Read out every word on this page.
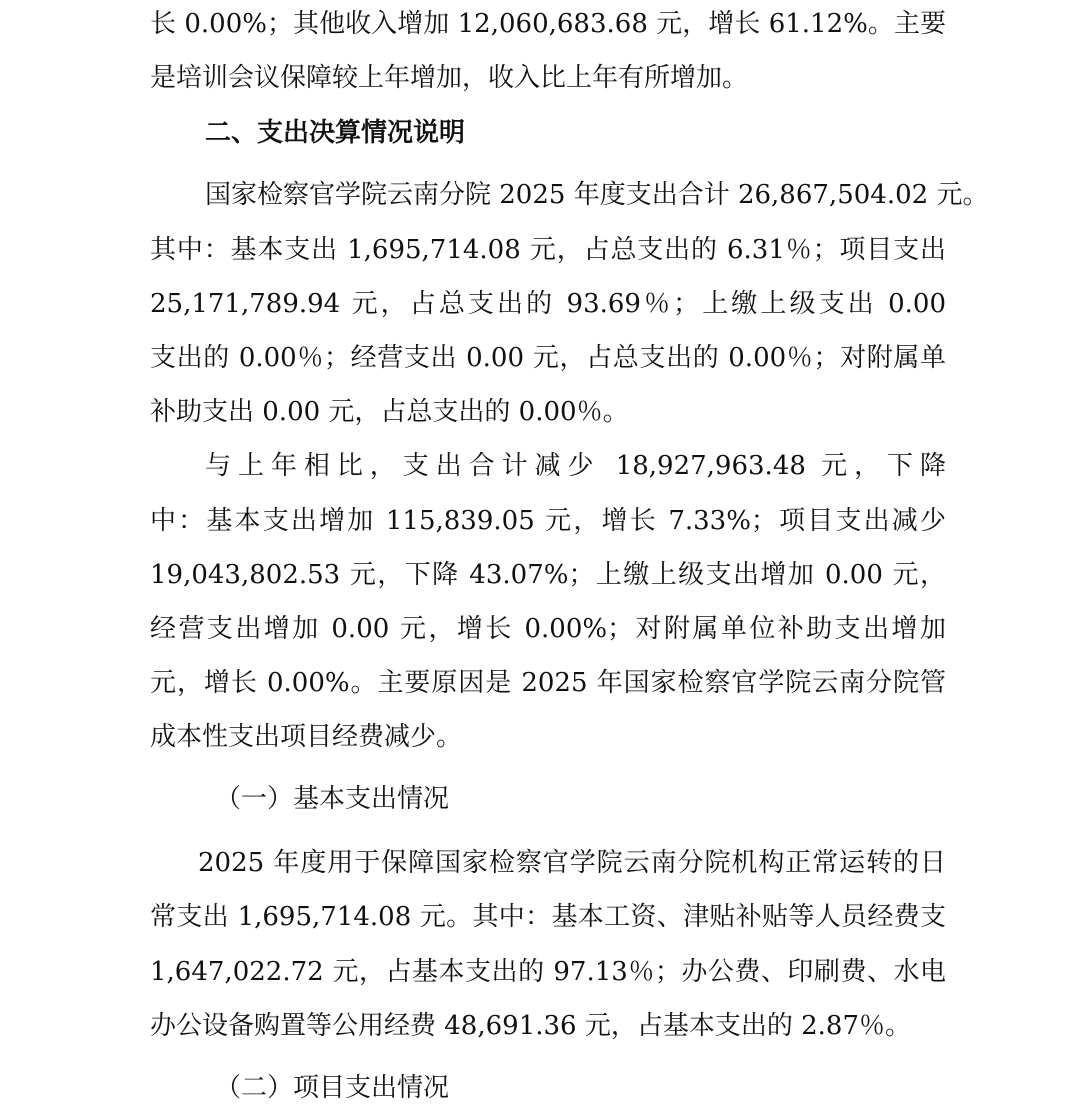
长 0.00%；其他收入增加 12,060,683.68 元，增长 61.12%。主要

是培训会议保障较上年增加，收入比上年有所增加。

二、支出决算情况说明

国家检察官学院云南分院 2025 年度支出合计 26,867,504.02 元。

其中：基本支出 1,695,714.08 元，占总支出的 6.31％；项目支出

25,171,789.94 元，占总支出的 93.69％；上缴上级支出 0.00

支出的 0.00％；经营支出 0.00 元，占总支出的 0.00％；对附属单

补助支出 0.00 元，占总支出的 0.00％。

与上年相比，支出合计减少 18,927,963.48 元，下降

中：基本支出增加 115,839.05 元，增长 7.33%；项目支出减少

19,043,802.53 元，下降 43.07%；上缴上级支出增加 0.00 元，

经营支出增加 0.00 元，增长 0.00%；对附属单位补助支出增加

元，增长 0.00%。主要原因是 2025 年国家检察官学院云南分院管

成本性支出项目经费减少。

（一）基本支出情况

2025 年度用于保障国家检察官学院云南分院机构正常运转的日

常支出 1,695,714.08 元。其中：基本工资、津贴补贴等人员经费支

1,647,022.72 元，占基本支出的 97.13％；办公费、印刷费、水电

办公设备购置等公用经费 48,691.36 元，占基本支出的 2.87％。

（二）项目支出情况
